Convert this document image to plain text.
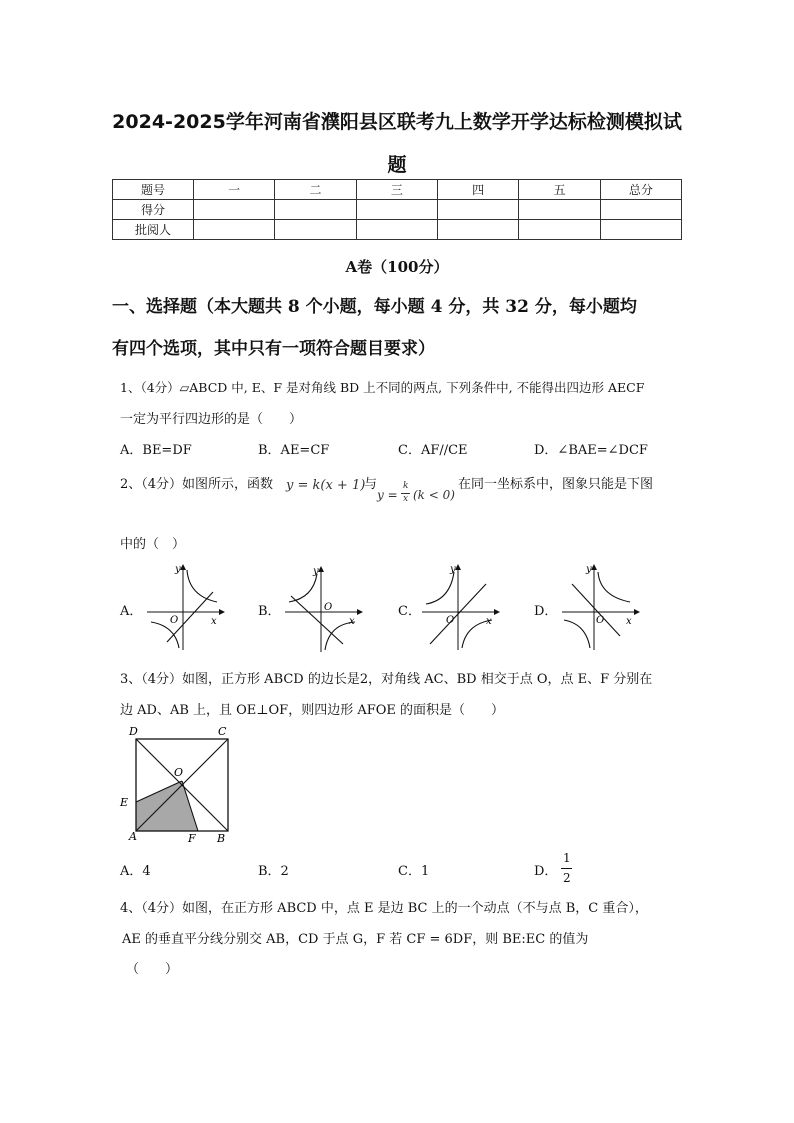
2024-2025学年河南省濮阳县区联考九上数学开学达标检测模拟试
题
题号	一	二	三	四	五	总分
得分						
批阅人						
A卷（100分）
一、选择题（本大题共 8 个小题，每小题 4 分，共 32 分，每小题均
有四个选项，其中只有一项符合题目要求）
1、（4分）▱ABCD 中, E、F 是对角线 BD 上不同的两点, 下列条件中, 不能得出四边形 AECF
一定为平行四边形的是（　　）
A．BE=DF	B．AE=CF	C．AF//CE	D．∠BAE=∠DCF
2、（4分）如图所示，函数 y = k(x + 1)
与
y =
k
x (k < 0)
在同一坐标系中，图象只能是下图
中的（　）
A．	B．	C．	D．
y
x
O
y
x
O
y
x
O
y
x
O
3、（4分）如图，正方形 ABCD 的边长是2，对角线 AC、BD 相交于点 O，点 E、F 分别在
边 AD、AB 上，且 OE⊥OF，则四边形 AFOE 的面积是（　　）
D	C
O
E
A	F B
A．4	B．2	C．1	D．
1
2
4、（4分）如图，在正方形 ABCD 中，点 E 是边 BC 上的一个动点（不与点 B，C 重合），
AE 的垂直平分线分别交 AB，CD 于点 G，F 若 CF = 6DF，则 BE:EC 的值为
（　　）
